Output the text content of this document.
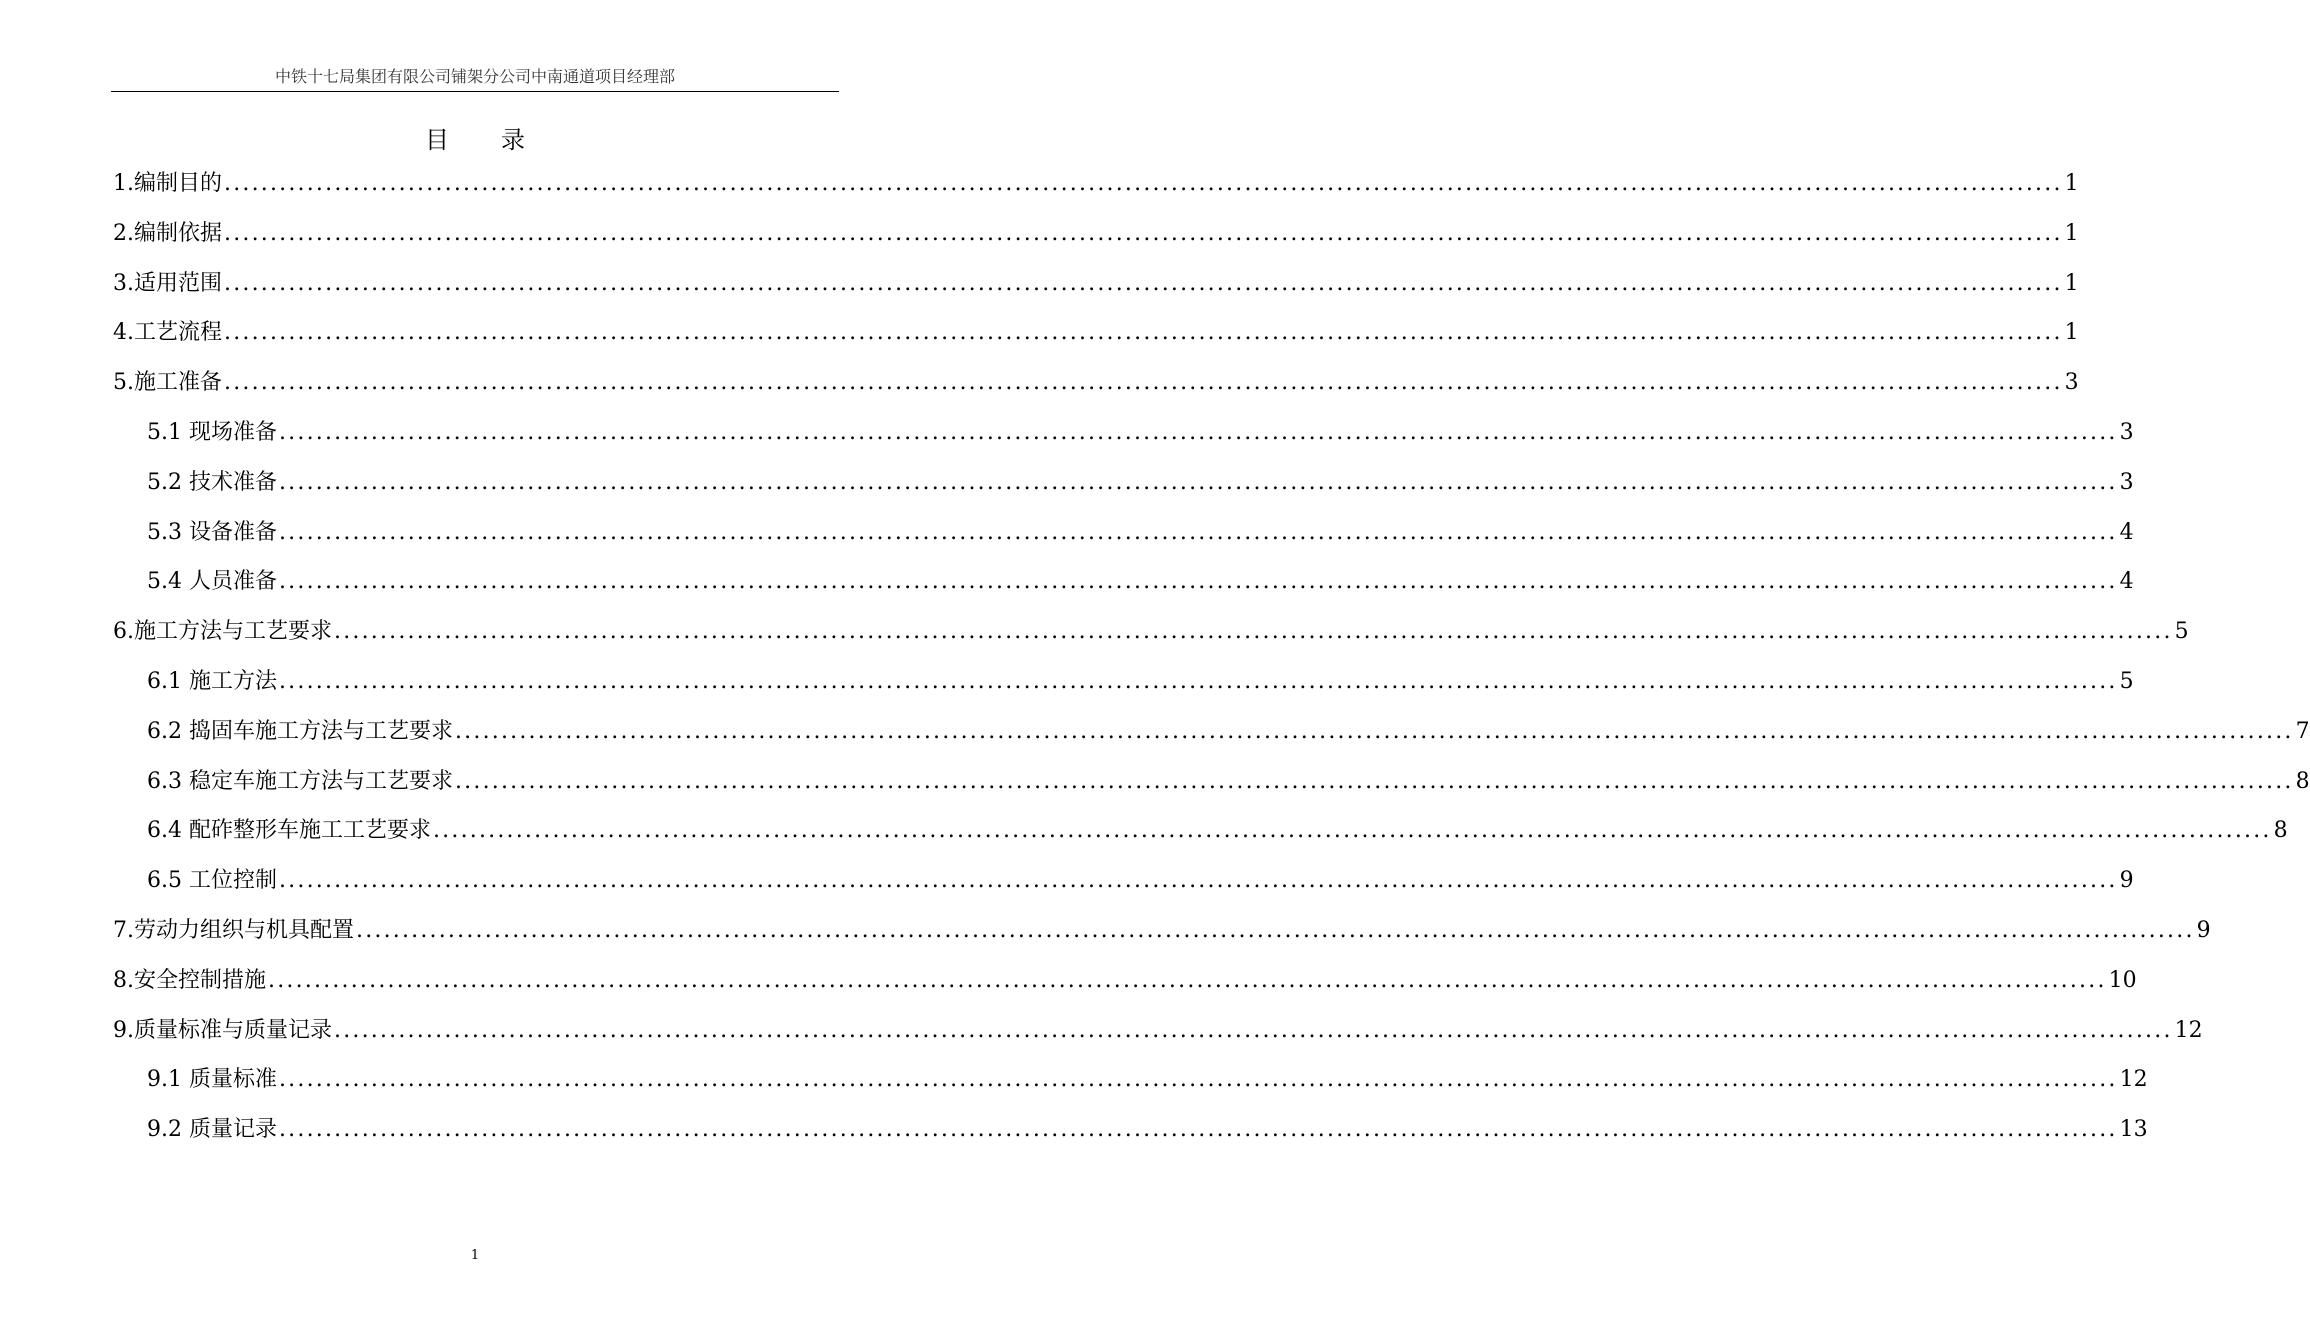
中铁十七局集团有限公司铺架分公司中南通道项目经理部
目 录
1.编制目的 ........................................................................................................................................................................................................ 1
2.编制依据 ........................................................................................................................................................................................................ 1
3.适用范围 ........................................................................................................................................................................................................ 1
4.工艺流程 ........................................................................................................................................................................................................ 1
5.施工准备 ........................................................................................................................................................................................................ 3
5.1 现场准备 ........................................................................................................................................................................................................ 3
5.2 技术准备 ........................................................................................................................................................................................................ 3
5.3 设备准备 ........................................................................................................................................................................................................ 4
5.4 人员准备 ........................................................................................................................................................................................................ 4
6.施工方法与工艺要求 ........................................................................................................................................................................................................ 5
6.1 施工方法 ........................................................................................................................................................................................................ 5
6.2 捣固车施工方法与工艺要求 ........................................................................................................................................................................................................ 7
6.3 稳定车施工方法与工艺要求 ........................................................................................................................................................................................................ 8
6.4 配砟整形车施工工艺要求 ........................................................................................................................................................................................................ 8
6.5 工位控制 ........................................................................................................................................................................................................ 9
7.劳动力组织与机具配置 ........................................................................................................................................................................................................ 9
8.安全控制措施 ........................................................................................................................................................................................................ 10
9.质量标准与质量记录 ........................................................................................................................................................................................................ 12
9.1 质量标准 ........................................................................................................................................................................................................ 12
9.2 质量记录 ........................................................................................................................................................................................................ 13
1
